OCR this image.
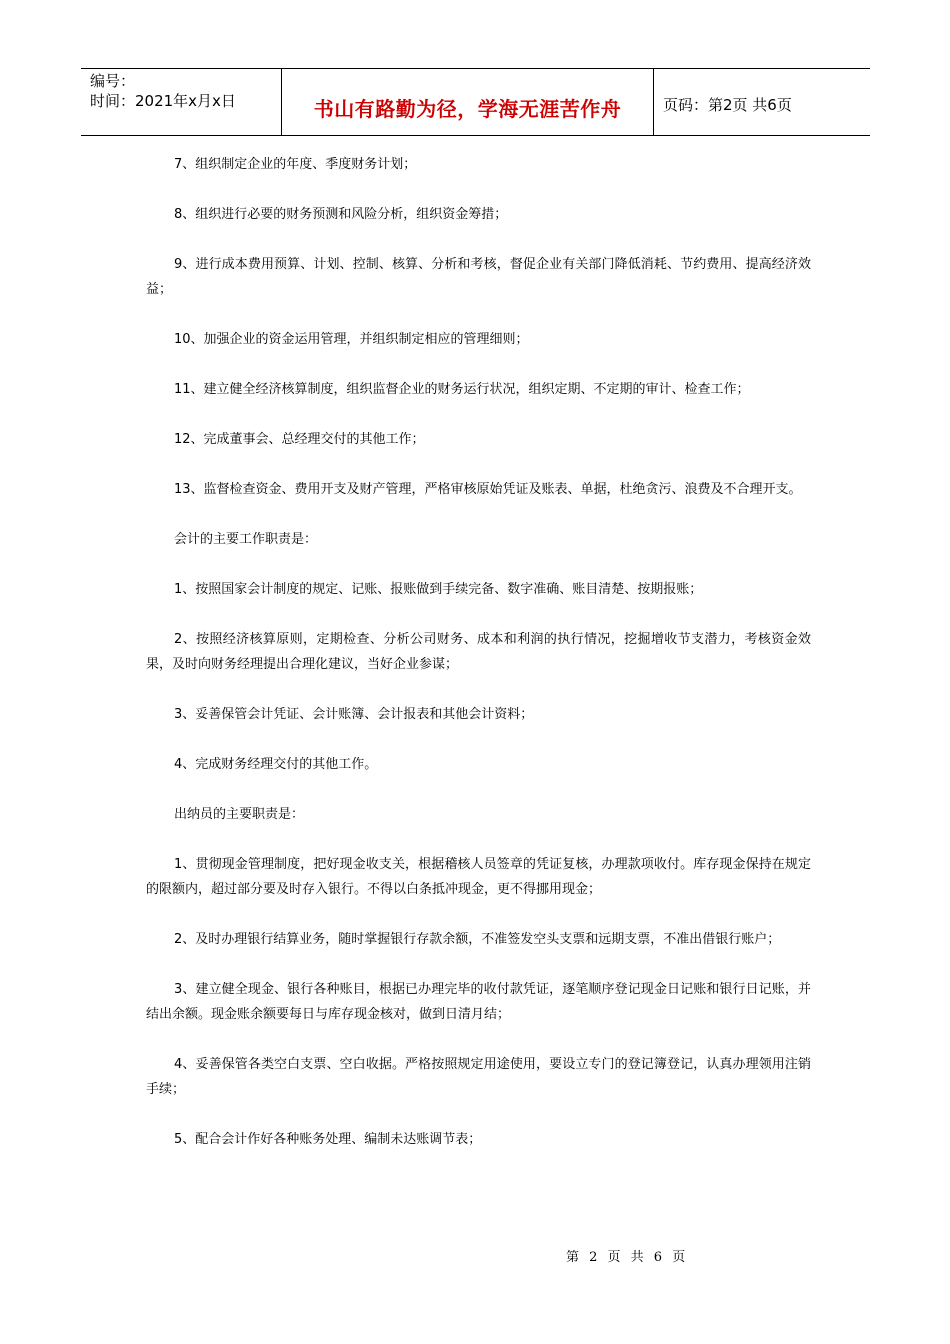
编号：
时间：2021年x月x日	书山有路勤为径，学海无涯苦作舟	页码：第2页 共6页

7、组织制定企业的年度、季度财务计划；

8、组织进行必要的财务预测和风险分析，组织资金筹措；

9、进行成本费用预算、计划、控制、核算、分析和考核，督促企业有关部门降低消耗、节约费用、提高经济效益；

10、加强企业的资金运用管理，并组织制定相应的管理细则；

11、建立健全经济核算制度，组织监督企业的财务运行状况，组织定期、不定期的审计、检查工作；

12、完成董事会、总经理交付的其他工作；

13、监督检查资金、费用开支及财产管理，严格审核原始凭证及账表、单据，杜绝贪污、浪费及不合理开支。

会计的主要工作职责是：

1、按照国家会计制度的规定、记账、报账做到手续完备、数字准确、账目清楚、按期报账；

2、按照经济核算原则，定期检查、分析公司财务、成本和利润的执行情况，挖掘增收节支潜力，考核资金效果，及时向财务经理提出合理化建议，当好企业参谋；

3、妥善保管会计凭证、会计账簿、会计报表和其他会计资料；

4、完成财务经理交付的其他工作。

出纳员的主要职责是：

1、贯彻现金管理制度，把好现金收支关，根据稽核人员签章的凭证复核，办理款项收付。库存现金保持在规定的限额内，超过部分要及时存入银行。不得以白条抵冲现金，更不得挪用现金；

2、及时办理银行结算业务，随时掌握银行存款余额，不准签发空头支票和远期支票，不准出借银行账户；

3、建立健全现金、银行各种账目，根据已办理完毕的收付款凭证，逐笔顺序登记现金日记账和银行日记账，并结出余额。现金账余额要每日与库存现金核对，做到日清月结；

4、妥善保管各类空白支票、空白收据。严格按照规定用途使用，要设立专门的登记簿登记，认真办理领用注销手续；

5、配合会计作好各种账务处理、编制未达账调节表；

第 2 页 共 6 页
